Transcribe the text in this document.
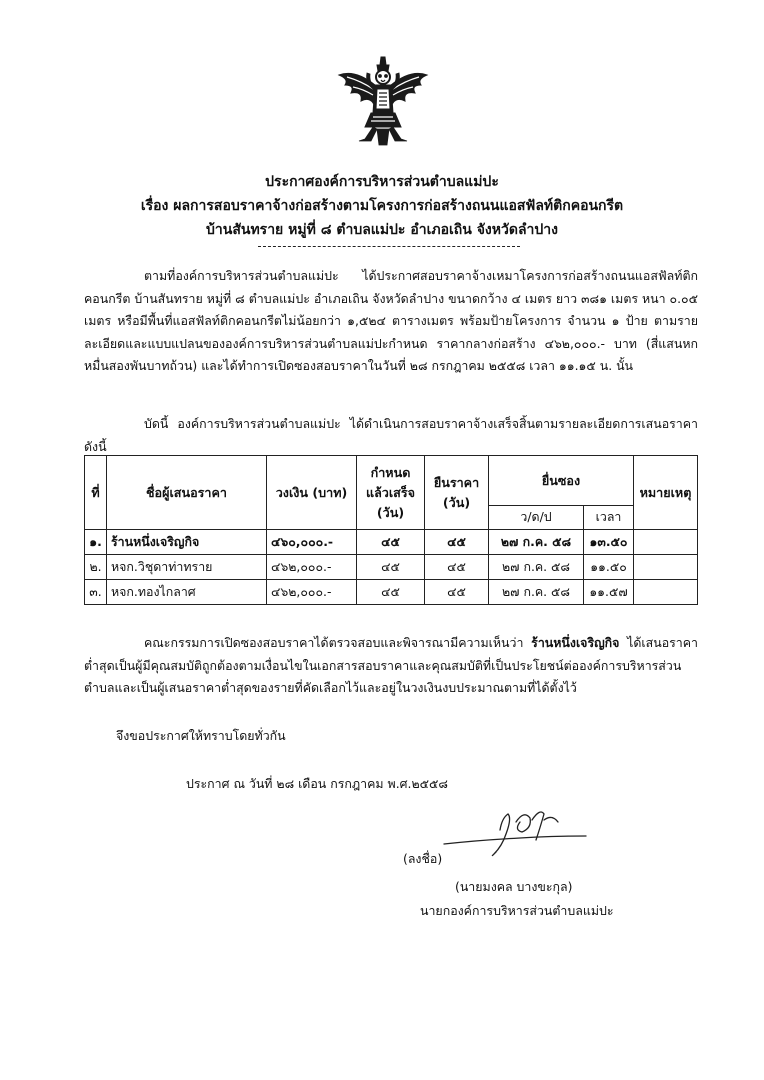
ประกาศองค์การบริหารส่วนตำบลแม่ปะ
เรื่อง ผลการสอบราคาจ้างก่อสร้างตามโครงการก่อสร้างถนนแอสฟัลท์ติกคอนกรีต
บ้านสันทราย หมู่ที่ ๘ ตำบลแม่ปะ อำเภอเถิน จังหวัดลำปาง
ตามที่องค์การบริหารส่วนตำบลแม่ปะ ได้ประกาศสอบราคาจ้างเหมาโครงการก่อสร้างถนนแอสฟัลท์ติกคอนกรีต บ้านสันทราย หมู่ที่ ๘ ตำบลแม่ปะ อำเภอเถิน จังหวัดลำปาง ขนาดกว้าง ๔ เมตร ยาว ๓๘๑ เมตร หนา ๐.๐๕ เมตร หรือมีพื้นที่แอสฟัลท์ติกคอนกรีตไม่น้อยกว่า ๑,๕๒๔ ตารางเมตร พร้อมป้ายโครงการ จำนวน ๑ ป้าย ตามรายละเอียดและแบบแปลนขององค์การบริหารส่วนตำบลแม่ปะกำหนด ราคากลางก่อสร้าง ๔๖๒,๐๐๐.- บาท (สี่แสนหกหมื่นสองพันบาทถ้วน) และได้ทำการเปิดซองสอบราคาในวันที่ ๒๘ กรกฎาคม ๒๕๕๘ เวลา ๑๑.๑๕ น. นั้น
บัดนี้ องค์การบริหารส่วนตำบลแม่ปะ ได้ดำเนินการสอบราคาจ้างเสร็จสิ้นตามรายละเอียดการเสนอราคา ดังนี้
ที่	ชื่อผู้เสนอราคา	วงเงิน (บาท)	กำหนด แล้วเสร็จ (วัน)	ยืนราคา (วัน)	ยื่นซอง		หมายเหตุ
					ว/ด/ป	เวลา	
๑.	ร้านหนึ่งเจริญกิจ	๔๖๐,๐๐๐.-	๔๕	๔๕	๒๗ ก.ค. ๕๘	๑๓.๕๐	
๒.	หจก.วิชุดาท่าทราย	๔๖๒,๐๐๐.-	๔๕	๔๕	๒๗ ก.ค. ๕๘	๑๑.๕๐	
๓.	หจก.ทองไกลาศ	๔๖๒,๐๐๐.-	๔๕	๔๕	๒๗ ก.ค. ๕๘	๑๑.๕๗	
คณะกรรมการเปิดซองสอบราคาได้ตรวจสอบและพิจารณามีความเห็นว่า ร้านหนึ่งเจริญกิจ ได้เสนอราคาต่ำสุดเป็นผู้มีคุณสมบัติถูกต้องตามเงื่อนไขในเอกสารสอบราคาและคุณสมบัติที่เป็นประโยชน์ต่อองค์การบริหารส่วนตำบลและเป็นผู้เสนอราคาต่ำสุดของรายที่คัดเลือกไว้และอยู่ในวงเงินงบประมาณตามที่ได้ตั้งไว้
จึงขอประกาศให้ทราบโดยทั่วกัน
ประกาศ ณ วันที่ ๒๘ เดือน กรกฎาคม พ.ศ.๒๕๕๘
(ลงชื่อ)
(นายมงคล บางขะกุล)
นายกองค์การบริหารส่วนตำบลแม่ปะ
